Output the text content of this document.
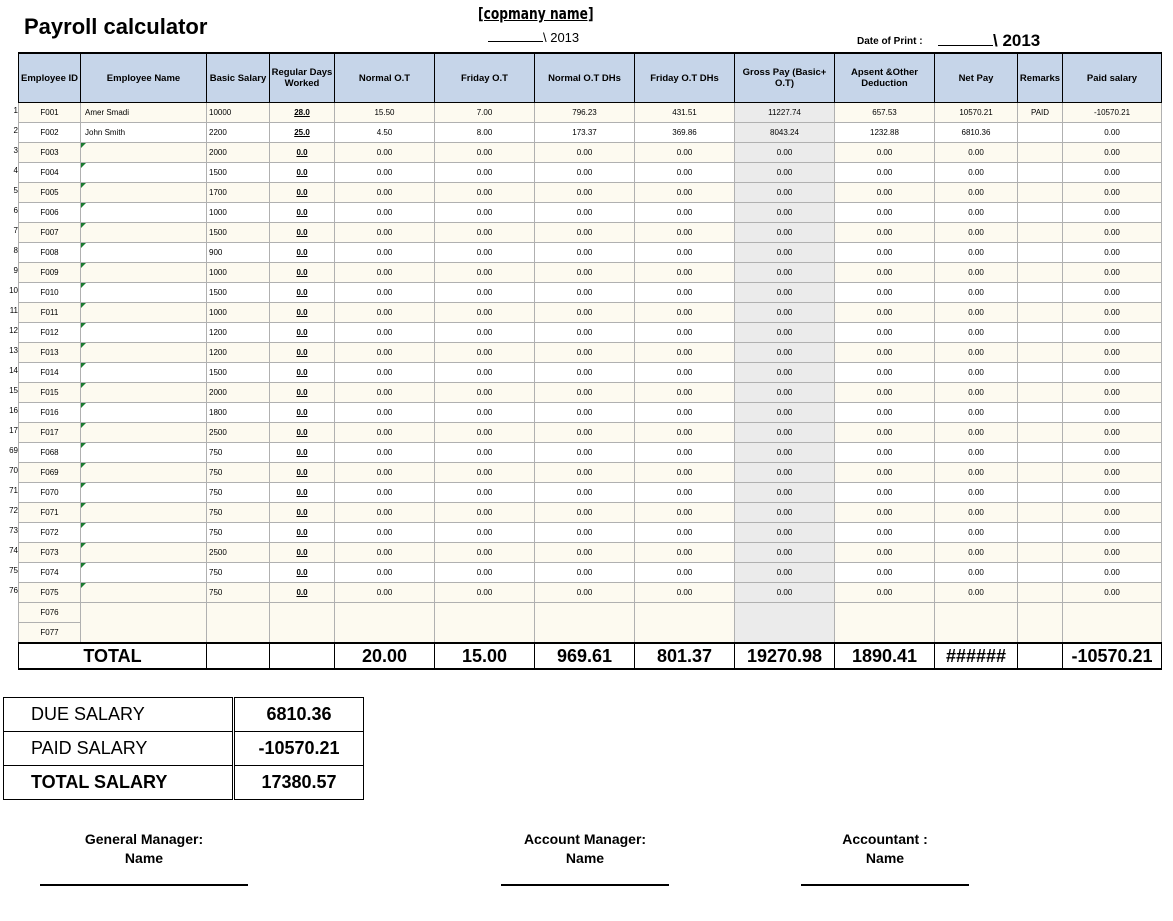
Payroll calculator
[copmany name]
\ 2013	Date of Print :	\ 2013
1
2
3
4
5
6
7
8
9
10
11
12
13
14
15
16
17
69
70
71
72
73
74
75
76
Employee ID	Employee Name	Basic Salary	Regular Days Worked	Normal O.T	Friday O.T	Normal O.T DHs	Friday O.T DHs	Gross Pay (Basic+ O.T)	Apsent &Other Deduction	Net Pay	Remarks	Paid salary
F001	Amer Smadi	10000	28.0	15.50	7.00	796.23	431.51	11227.74	657.53	10570.21	PAID	-10570.21
F002	John Smith	2200	25.0	4.50	8.00	173.37	369.86	8043.24	1232.88	6810.36		0.00
F003		2000	0.0	0.00	0.00	0.00	0.00	0.00	0.00	0.00		0.00
F004		1500	0.0	0.00	0.00	0.00	0.00	0.00	0.00	0.00		0.00
F005		1700	0.0	0.00	0.00	0.00	0.00	0.00	0.00	0.00		0.00
F006		1000	0.0	0.00	0.00	0.00	0.00	0.00	0.00	0.00		0.00
F007		1500	0.0	0.00	0.00	0.00	0.00	0.00	0.00	0.00		0.00
F008		900	0.0	0.00	0.00	0.00	0.00	0.00	0.00	0.00		0.00
F009		1000	0.0	0.00	0.00	0.00	0.00	0.00	0.00	0.00		0.00
F010		1500	0.0	0.00	0.00	0.00	0.00	0.00	0.00	0.00		0.00
F011		1000	0.0	0.00	0.00	0.00	0.00	0.00	0.00	0.00		0.00
F012		1200	0.0	0.00	0.00	0.00	0.00	0.00	0.00	0.00		0.00
F013		1200	0.0	0.00	0.00	0.00	0.00	0.00	0.00	0.00		0.00
F014		1500	0.0	0.00	0.00	0.00	0.00	0.00	0.00	0.00		0.00
F015		2000	0.0	0.00	0.00	0.00	0.00	0.00	0.00	0.00		0.00
F016		1800	0.0	0.00	0.00	0.00	0.00	0.00	0.00	0.00		0.00
F017		2500	0.0	0.00	0.00	0.00	0.00	0.00	0.00	0.00		0.00
F068		750	0.0	0.00	0.00	0.00	0.00	0.00	0.00	0.00		0.00
F069		750	0.0	0.00	0.00	0.00	0.00	0.00	0.00	0.00		0.00
F070		750	0.0	0.00	0.00	0.00	0.00	0.00	0.00	0.00		0.00
F071		750	0.0	0.00	0.00	0.00	0.00	0.00	0.00	0.00		0.00
F072		750	0.0	0.00	0.00	0.00	0.00	0.00	0.00	0.00		0.00
F073		2500	0.0	0.00	0.00	0.00	0.00	0.00	0.00	0.00		0.00
F074		750	0.0	0.00	0.00	0.00	0.00	0.00	0.00	0.00		0.00
F075		750	0.0	0.00	0.00	0.00	0.00	0.00	0.00	0.00		0.00
F076												
F077												
TOTAL				20.00	15.00	969.61	801.37	19270.98	1890.41	######		-10570.21
DUE SALARY	6810.36
PAID SALARY	-10570.21
TOTAL SALARY	17380.57
General Manager:
Name
Account Manager:
Name
Accountant :
Name
